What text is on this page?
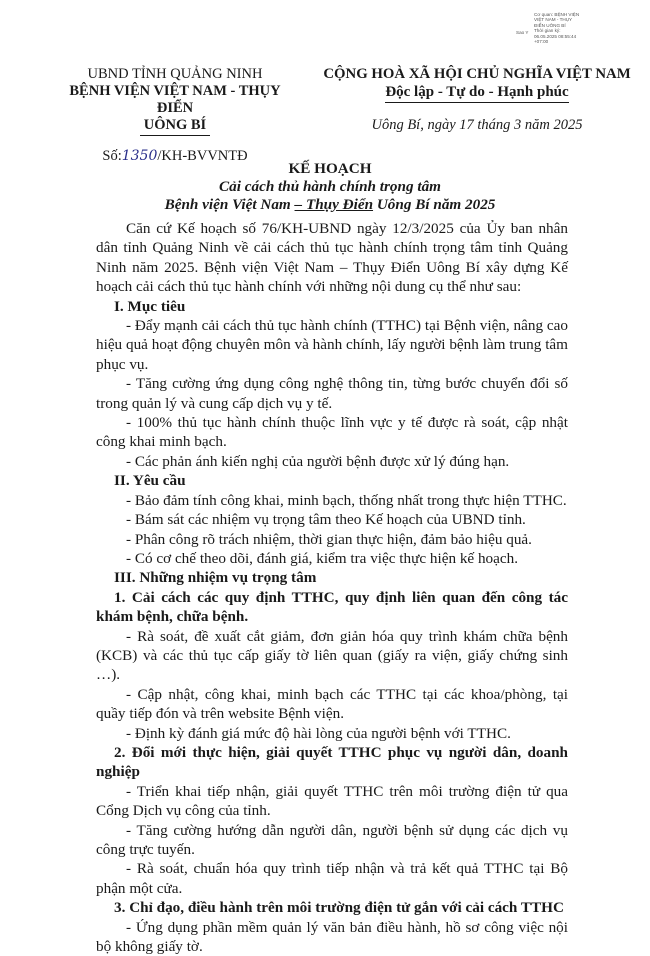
Sao Y
Cơ quan: BỆNH VIỆN
VIỆT NAM - THỤY
ĐIỂN UÔNG BÍ
Thời gian ký:
06.05.2025 08:55:44
+07:00
UBND TỈNH QUẢNG NINH
BỆNH VIỆN VIỆT NAM - THỤY ĐIỂN
UÔNG BÍ
Số:1350/KH-BVVNTĐ
CỘNG HOÀ XÃ HỘI CHỦ NGHĨA VIỆT NAM
Độc lập - Tự do - Hạnh phúc
Uông Bí, ngày 17 tháng 3 năm 2025
KẾ HOẠCH
Cải cách thủ hành chính trọng tâm
Bệnh viện Việt Nam – Thụy Điển Uông Bí năm 2025

Căn cứ Kế hoạch số 76/KH-UBND ngày 12/3/2025 của Ủy ban nhân dân tỉnh Quảng Ninh về cải cách thủ tục hành chính trọng tâm tỉnh Quảng Ninh năm 2025. Bệnh viện Việt Nam – Thụy Điển Uông Bí xây dựng Kế hoạch cải cách thủ tục hành chính với những nội dung cụ thể như sau:

I. Mục tiêu

- Đẩy mạnh cải cách thủ tục hành chính (TTHC) tại Bệnh viện, nâng cao hiệu quả hoạt động chuyên môn và hành chính, lấy người bệnh làm trung tâm phục vụ.

- Tăng cường ứng dụng công nghệ thông tin, từng bước chuyển đổi số trong quản lý và cung cấp dịch vụ y tế.

- 100% thủ tục hành chính thuộc lĩnh vực y tế được rà soát, cập nhật công khai minh bạch.

- Các phản ánh kiến nghị của người bệnh được xử lý đúng hạn.

II. Yêu cầu

- Bảo đảm tính công khai, minh bạch, thống nhất trong thực hiện TTHC.

- Bám sát các nhiệm vụ trọng tâm theo Kế hoạch của UBND tỉnh.

- Phân công rõ trách nhiệm, thời gian thực hiện, đảm bảo hiệu quả.

- Có cơ chế theo dõi, đánh giá, kiểm tra việc thực hiện kế hoạch.

III. Những nhiệm vụ trọng tâm

1. Cải cách các quy định TTHC, quy định liên quan đến công tác khám bệnh, chữa bệnh.

- Rà soát, đề xuất cắt giảm, đơn giản hóa quy trình khám chữa bệnh (KCB) và các thủ tục cấp giấy tờ liên quan (giấy ra viện, giấy chứng sinh …).

- Cập nhật, công khai, minh bạch các TTHC tại các khoa/phòng, tại quầy tiếp đón và trên website Bệnh viện.

- Định kỳ đánh giá mức độ hài lòng của người bệnh với TTHC.

2. Đổi mới thực hiện, giải quyết TTHC phục vụ người dân, doanh nghiệp

- Triển khai tiếp nhận, giải quyết TTHC trên môi trường điện tử qua Cổng Dịch vụ công của tỉnh.

- Tăng cường hướng dẫn người dân, người bệnh sử dụng các dịch vụ công trực tuyến.

- Rà soát, chuẩn hóa quy trình tiếp nhận và trả kết quả TTHC tại Bộ phận một cửa.

3. Chỉ đạo, điều hành trên môi trường điện tử gắn với cải cách TTHC

- Ứng dụng phần mềm quản lý văn bản điều hành, hồ sơ công việc nội bộ không giấy tờ.
